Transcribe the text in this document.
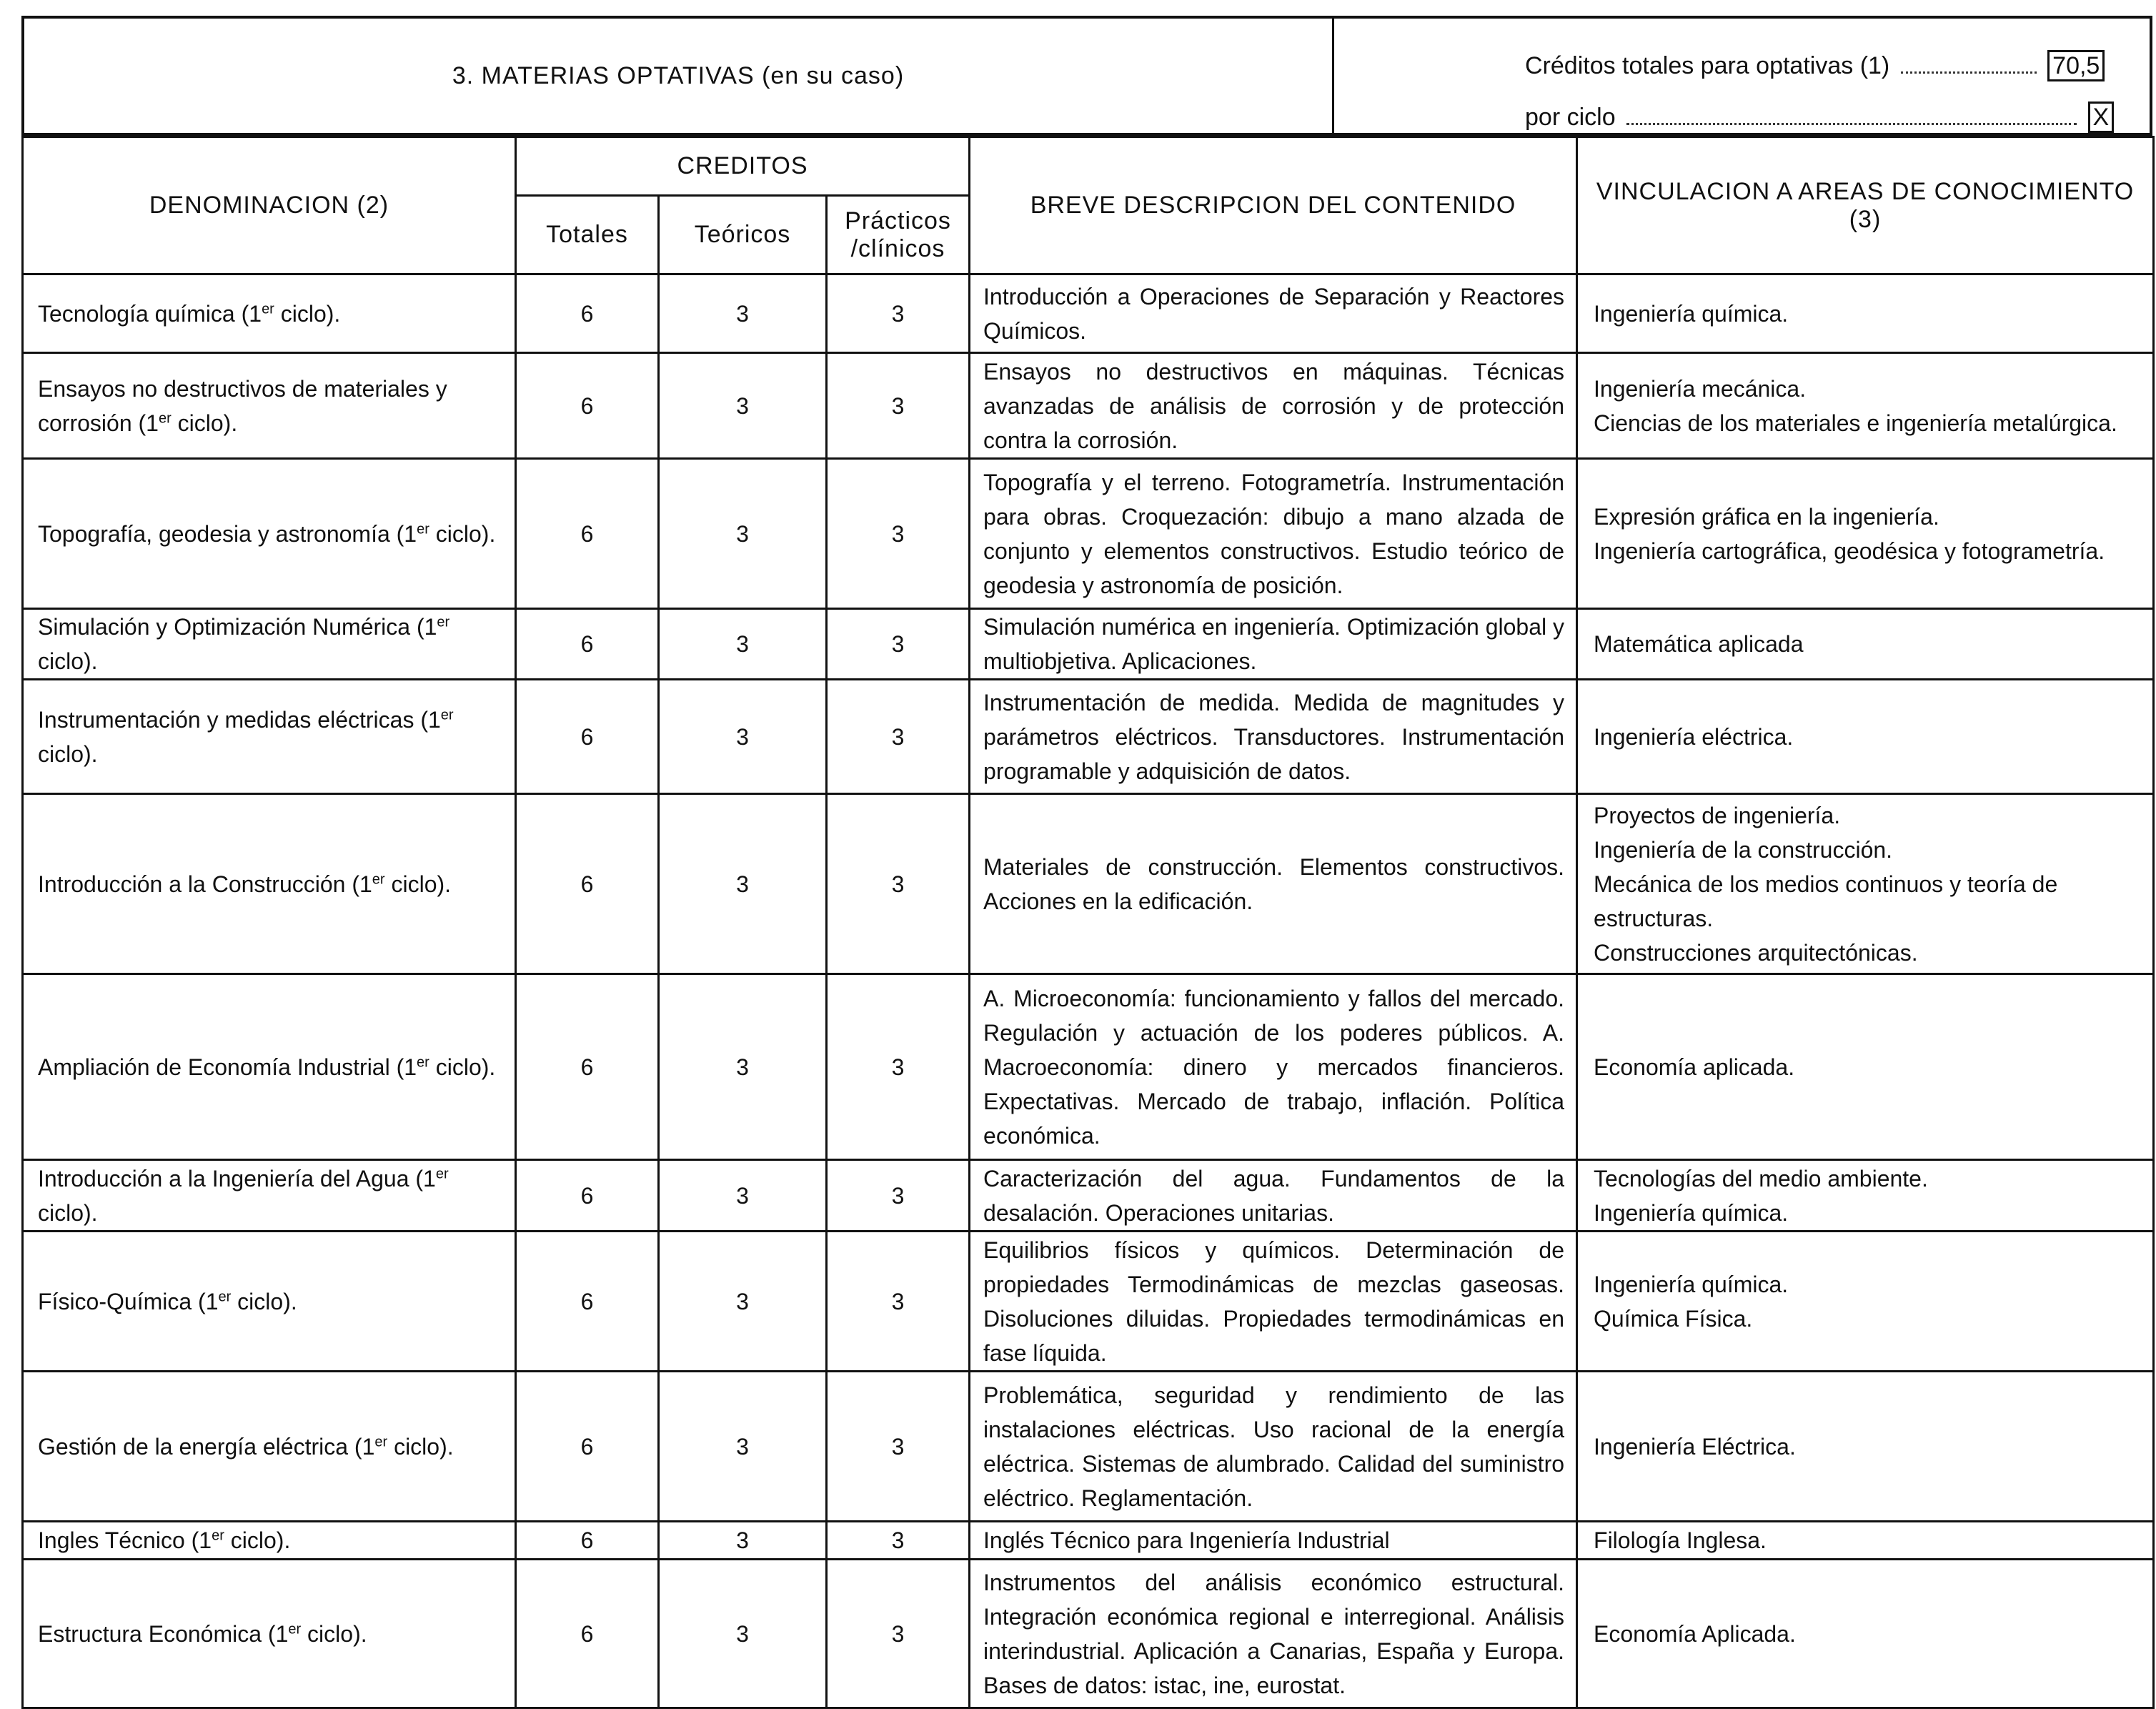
3. MATERIAS OPTATIVAS (en su caso)	Créditos totales para optativas (1)	70,5
por ciclo	X
DENOMINACION (2)	CREDITOS			BREVE DESCRIPCION DEL CONTENIDO	VINCULACION A AREAS DE CONOCIMIENTO (3)
	Totales	Teóricos	Prácticos
/clínicos		

Tecnología química (1er ciclo).	6	3	3	Introducción a Operaciones de Separación y Reactores Químicos.	Ingeniería química.

Ensayos no destructivos de materiales y corrosión (1er ciclo).	6	3	3	Ensayos no destructivos en máquinas. Técnicas avanzadas de análisis de corrosión y de protección contra la corrosión.	Ingeniería mecánica.
Ciencias de los materiales e ingeniería metalúrgica.

Topografía, geodesia y astronomía (1er ciclo).	6	3	3	Topografía y el terreno. Fotogrametría. Instrumentación para obras. Croquezación: dibujo a mano alzada de conjunto y elementos constructivos. Estudio teórico de geodesia y astronomía de posición.	Expresión gráfica en la ingeniería.
Ingeniería cartográfica, geodésica y fotogrametría.

Simulación y Optimización Numérica (1er ciclo).	6	3	3	Simulación numérica en ingeniería. Optimización global y multiobjetiva. Aplicaciones.	Matemática aplicada

Instrumentación y medidas eléctricas (1er ciclo).	6	3	3	Instrumentación de medida. Medida de magnitudes y parámetros eléctricos. Transductores. Instrumentación programable y adquisición de datos.	Ingeniería eléctrica.

Introducción a la Construcción (1er ciclo).	6	3	3	Materiales de construcción. Elementos constructivos. Acciones en la edificación.	Proyectos de ingeniería.
Ingeniería de la construcción.
Mecánica de los medios continuos y teoría de estructuras.
Construcciones arquitectónicas.

Ampliación de Economía Industrial (1er ciclo).	6	3	3	A. Microeconomía: funcionamiento y fallos del mercado. Regulación y actuación de los poderes públicos. A. Macroeconomía: dinero y mercados financieros. Expectativas. Mercado de trabajo, inflación. Política económica.	Economía aplicada.

Introducción a la Ingeniería del Agua (1er ciclo).	6	3	3	Caracterización del agua. Fundamentos de la desalación. Operaciones unitarias.	Tecnologías del medio ambiente.
Ingeniería química.

Físico-Química (1er ciclo).	6	3	3	Equilibrios físicos y químicos. Determinación de propiedades Termodinámicas de mezclas gaseosas. Disoluciones diluidas. Propiedades termodinámicas en fase líquida.	Ingeniería química.
Química Física.

Gestión de la energía eléctrica (1er ciclo).	6	3	3	Problemática, seguridad y rendimiento de las instalaciones eléctricas. Uso racional de la energía eléctrica. Sistemas de alumbrado. Calidad del suministro eléctrico. Reglamentación.	Ingeniería Eléctrica.

Ingles Técnico (1er ciclo).	6	3	3	Inglés Técnico para Ingeniería Industrial	Filología Inglesa.

Estructura Económica (1er ciclo).	6	3	3	Instrumentos del análisis económico estructural. Integración económica regional e interregional. Análisis interindustrial. Aplicación a Canarias, España y Europa. Bases de datos: istac, ine, eurostat.	Economía Aplicada.
